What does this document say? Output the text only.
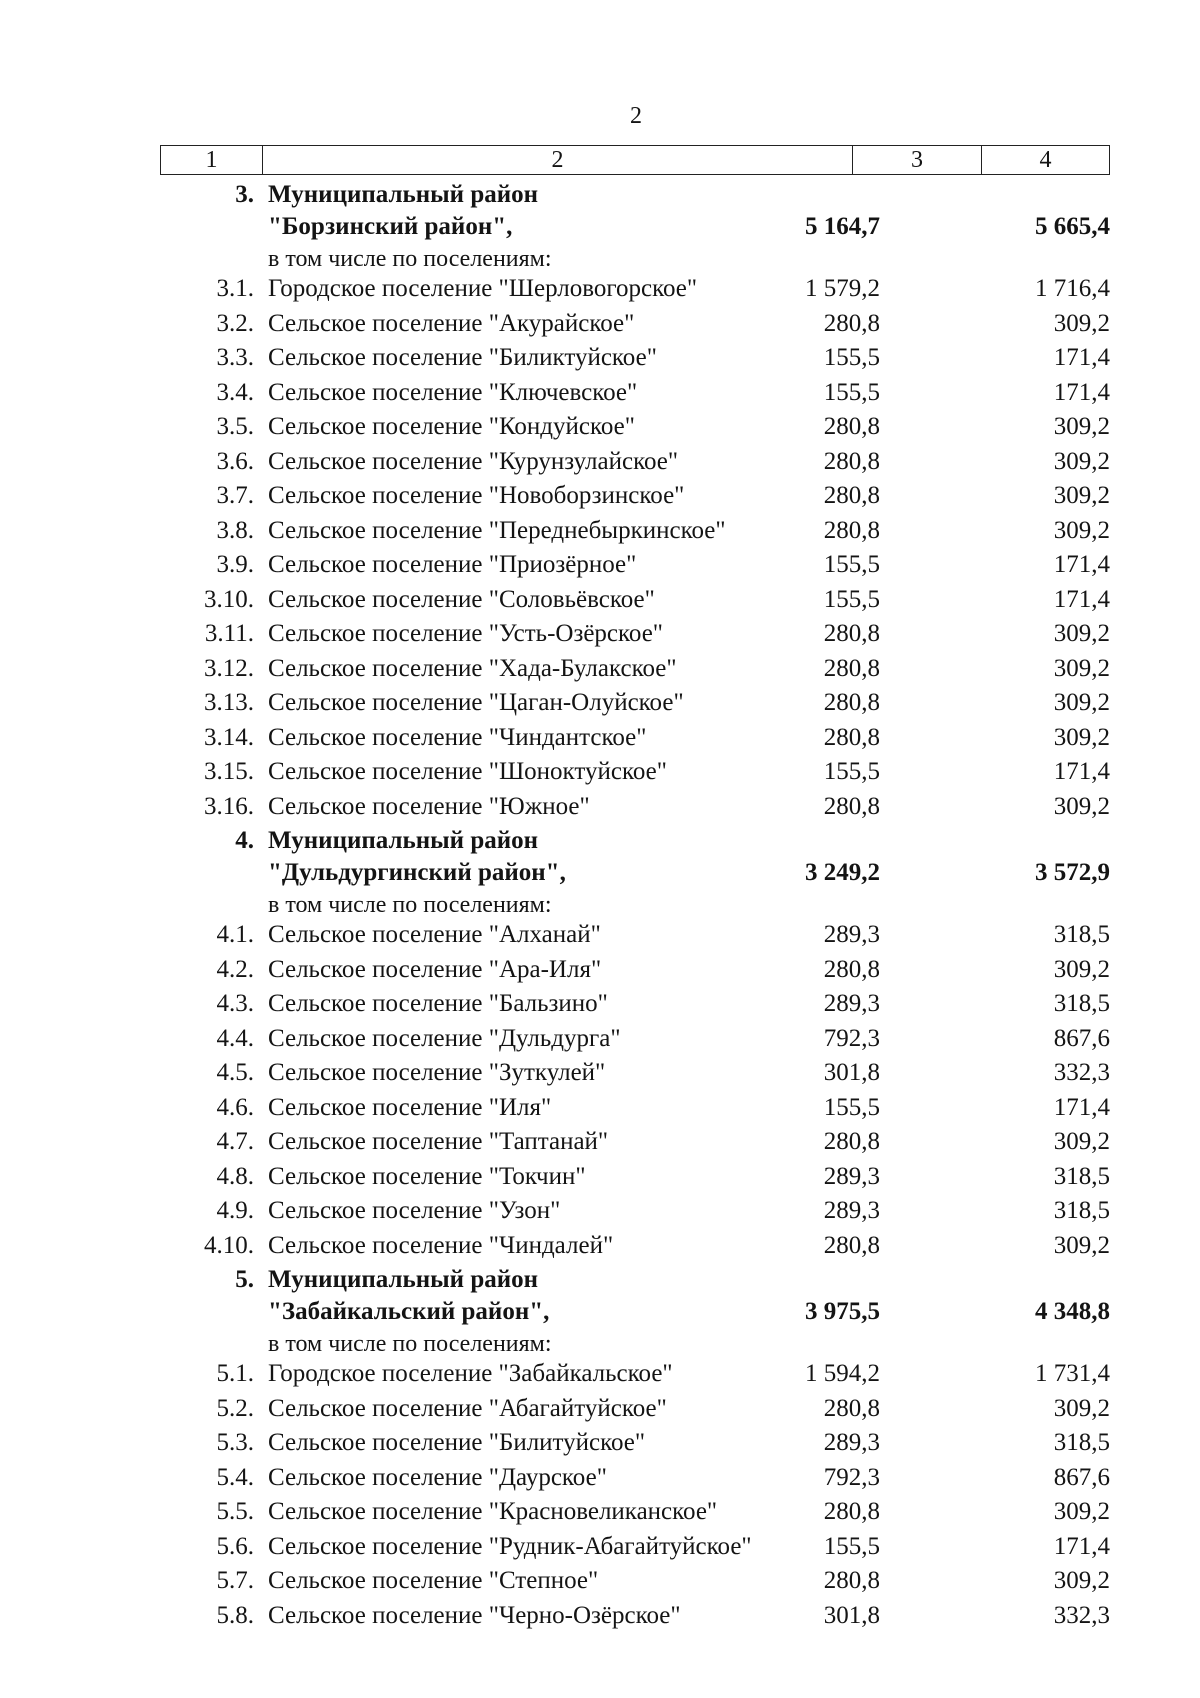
2
1	2	3	4
3. Муниципальный район
"Борзинский район",	5 164,7	5 665,4
в том числе по поселениям:
3.1. Городское поселение "Шерловогорское"	1 579,2	1 716,4
3.2. Сельское поселение "Акурайское"	280,8	309,2
3.3. Сельское поселение "Биликтуйское"	155,5	171,4
3.4. Сельское поселение "Ключевское"	155,5	171,4
3.5. Сельское поселение "Кондуйское"	280,8	309,2
3.6. Сельское поселение "Курунзулайское"	280,8	309,2
3.7. Сельское поселение "Новоборзинское"	280,8	309,2
3.8. Сельское поселение "Переднебыркинское"	280,8	309,2
3.9. Сельское поселение "Приозёрное"	155,5	171,4
3.10. Сельское поселение "Соловьёвское"	155,5	171,4
3.11. Сельское поселение "Усть-Озёрское"	280,8	309,2
3.12. Сельское поселение "Хада-Булакское"	280,8	309,2
3.13. Сельское поселение "Цаган-Олуйское"	280,8	309,2
3.14. Сельское поселение "Чиндантское"	280,8	309,2
3.15. Сельское поселение "Шоноктуйское"	155,5	171,4
3.16. Сельское поселение "Южное"	280,8	309,2
4. Муниципальный район
"Дульдургинский район",	3 249,2	3 572,9
в том числе по поселениям:
4.1. Сельское поселение "Алханай"	289,3	318,5
4.2. Сельское поселение "Ара-Иля"	280,8	309,2
4.3. Сельское поселение "Бальзино"	289,3	318,5
4.4. Сельское поселение "Дульдурга"	792,3	867,6
4.5. Сельское поселение "Зуткулей"	301,8	332,3
4.6. Сельское поселение "Иля"	155,5	171,4
4.7. Сельское поселение "Таптанай"	280,8	309,2
4.8. Сельское поселение "Токчин"	289,3	318,5
4.9. Сельское поселение "Узон"	289,3	318,5
4.10. Сельское поселение "Чиндалей"	280,8	309,2
5. Муниципальный район
"Забайкальский район",	3 975,5	4 348,8
в том числе по поселениям:
5.1. Городское поселение "Забайкальское"	1 594,2	1 731,4
5.2. Сельское поселение "Абагайтуйское"	280,8	309,2
5.3. Сельское поселение "Билитуйское"	289,3	318,5
5.4. Сельское поселение "Даурское"	792,3	867,6
5.5. Сельское поселение "Красновеликанское"	280,8	309,2
5.6. Сельское поселение "Рудник-Абагайтуйское"	155,5	171,4
5.7. Сельское поселение "Степное"	280,8	309,2
5.8. Сельское поселение "Черно-Озёрское"	301,8	332,3
